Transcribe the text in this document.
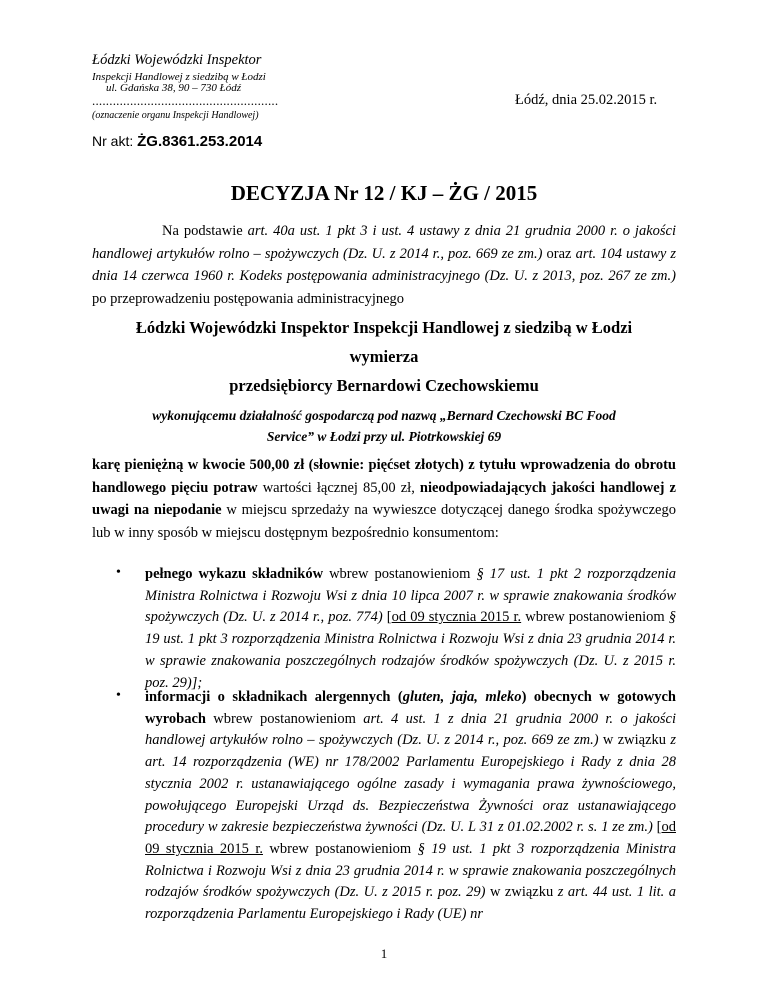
Łódzki Wojewódzki Inspektor
Inspekcji Handlowej z siedzibą w Łodzi
ul. Gdańska 38, 90 – 730 Łódź
......................................................
(oznaczenie organu Inspekcji Handlowej)
Łódź, dnia 25.02.2015 r.
Nr akt: ŻG.8361.253.2014
DECYZJA Nr 12 / KJ – ŻG / 2015
Na podstawie art. 40a ust. 1 pkt 3 i ust. 4 ustawy z dnia 21 grudnia 2000 r. o jakości handlowej artykułów rolno – spożywczych (Dz. U. z 2014 r., poz. 669 ze zm.) oraz art. 104 ustawy z dnia 14 czerwca 1960 r. Kodeks postępowania administracyjnego (Dz. U. z 2013, poz. 267 ze zm.) po przeprowadzeniu postępowania administracyjnego
Łódzki Wojewódzki Inspektor Inspekcji Handlowej z siedzibą w Łodzi
wymierza
przedsiębiorcy Bernardowi Czechowskiemu
wykonującemu działalność gospodarczą pod nazwą „Bernard Czechowski BC Food Service” w Łodzi przy ul. Piotrkowskiej 69
karę pieniężną w kwocie 500,00 zł (słownie: pięćset złotych) z tytułu wprowadzenia do obrotu handlowego pięciu potraw wartości łącznej 85,00 zł, nieodpowiadających jakości handlowej z uwagi na niepodanie w miejscu sprzedaży na wywieszce dotyczącej danego środka spożywczego lub w inny sposób w miejscu dostępnym bezpośrednio konsumentom:
• pełnego wykazu składników wbrew postanowieniom § 17 ust. 1 pkt 2 rozporządzenia Ministra Rolnictwa i Rozwoju Wsi z dnia 10 lipca 2007 r. w sprawie znakowania środków spożywczych (Dz. U. z 2014 r., poz. 774) [od 09 stycznia 2015 r. wbrew postanowieniom § 19 ust. 1 pkt 3 rozporządzenia Ministra Rolnictwa i Rozwoju Wsi z dnia 23 grudnia 2014 r. w sprawie znakowania poszczególnych rodzajów środków spożywczych (Dz. U. z 2015 r. poz. 29)];
• informacji o składnikach alergennych (gluten, jaja, mleko) obecnych w gotowych wyrobach wbrew postanowieniom art. 4 ust. 1 z dnia 21 grudnia 2000 r. o jakości handlowej artykułów rolno – spożywczych (Dz. U. z 2014 r., poz. 669 ze zm.) w związku z art. 14 rozporządzenia (WE) nr 178/2002 Parlamentu Europejskiego i Rady z dnia 28 stycznia 2002 r. ustanawiającego ogólne zasady i wymagania prawa żywnościowego, powołującego Europejski Urząd ds. Bezpieczeństwa Żywności oraz ustanawiającego procedury w zakresie bezpieczeństwa żywności (Dz. U. L 31 z 01.02.2002 r. s. 1 ze zm.) [od 09 stycznia 2015 r. wbrew postanowieniom § 19 ust. 1 pkt 3 rozporządzenia Ministra Rolnictwa i Rozwoju Wsi z dnia 23 grudnia 2014 r. w sprawie znakowania poszczególnych rodzajów środków spożywczych (Dz. U. z 2015 r. poz. 29) w związku z art. 44 ust. 1 lit. a rozporządzenia Parlamentu Europejskiego i Rady (UE) nr
1
